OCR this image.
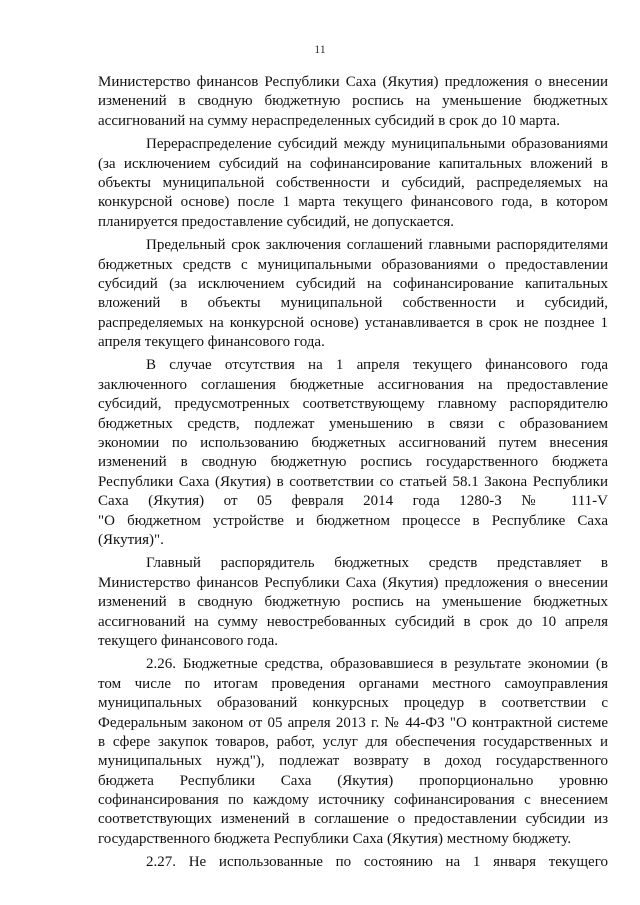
11
Министерство финансов Республики Саха (Якутия) предложения о внесении
изменений в сводную бюджетную роспись на уменьшение бюджетных
ассигнований на сумму нераспределенных субсидий в срок до 10 марта.
Перераспределение субсидий между муниципальными образованиями
(за исключением субсидий на софинансирование капитальных вложений в
объекты муниципальной собственности и субсидий, распределяемых на
конкурсной основе) после 1 марта текущего финансового года, в котором
планируется предоставление субсидий, не допускается.
Предельный срок заключения соглашений главными распорядителями
бюджетных средств с муниципальными образованиями о предоставлении
субсидий (за исключением субсидий на софинансирование капитальных
вложений в объекты муниципальной собственности и субсидий,
распределяемых на конкурсной основе) устанавливается в срок не позднее 1
апреля текущего финансового года.
В случае отсутствия на 1 апреля текущего финансового года
заключенного соглашения бюджетные ассигнования на предоставление
субсидий, предусмотренных соответствующему главному распорядителю
бюджетных средств, подлежат уменьшению в связи с образованием
экономии по использованию бюджетных ассигнований путем внесения
изменений в сводную бюджетную роспись государственного бюджета
Республики Саха (Якутия) в соответствии со статьей 58.1 Закона Республики
Саха (Якутия) от 05 февраля 2014 года 1280-З № 111-V
"О бюджетном устройстве и бюджетном процессе в Республике Саха
(Якутия)".
Главный распорядитель бюджетных средств представляет в
Министерство финансов Республики Саха (Якутия) предложения о внесении
изменений в сводную бюджетную роспись на уменьшение бюджетных
ассигнований на сумму невостребованных субсидий в срок до 10 апреля
текущего финансового года.
2.26. Бюджетные средства, образовавшиеся в результате экономии (в
том числе по итогам проведения органами местного самоуправления
муниципальных образований конкурсных процедур в соответствии с
Федеральным законом от 05 апреля 2013 г. № 44-ФЗ "О контрактной системе
в сфере закупок товаров, работ, услуг для обеспечения государственных и
муниципальных нужд"), подлежат возврату в доход государственного
бюджета Республики Саха (Якутия) пропорционально уровню
софинансирования по каждому источнику софинансирования с внесением
соответствующих изменений в соглашение о предоставлении субсидии из
государственного бюджета Республики Саха (Якутия) местному бюджету.
2.27. Не использованные по состоянию на 1 января текущего
